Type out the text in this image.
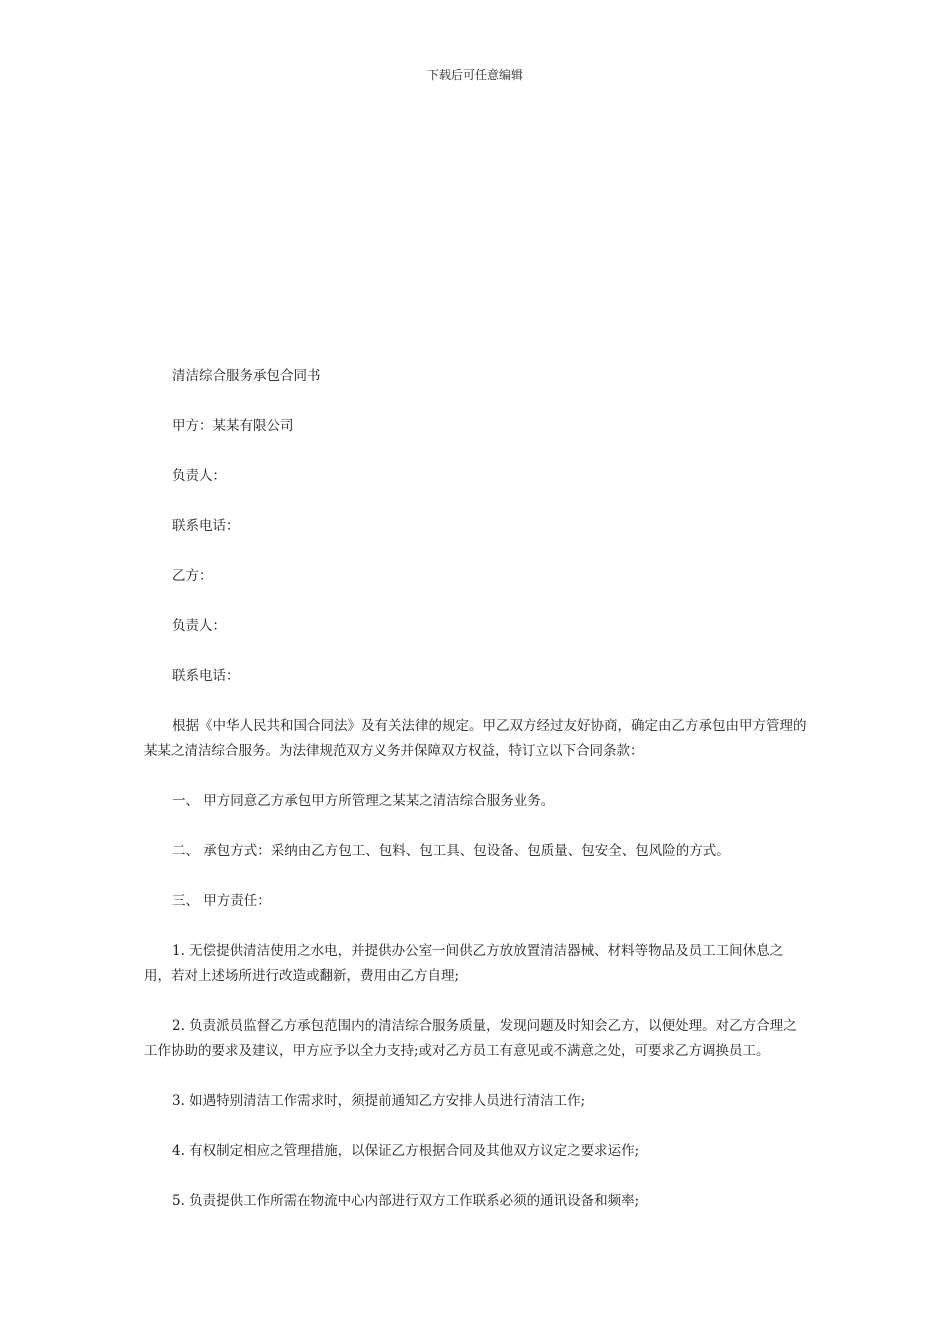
下载后可任意编辑

清洁综合服务承包合同书

甲方：某某有限公司

负责人：

联系电话：

乙方：

负责人：

联系电话：

根据《中华人民共和国合同法》及有关法律的规定。甲乙双方经过友好协商，确定由乙方承包由甲方管理的某某之清洁综合服务。为法律规范双方义务并保障双方权益，特订立以下合同条款：

一、 甲方同意乙方承包甲方所管理之某某之清洁综合服务业务。

二、 承包方式：采纳由乙方包工、包料、包工具、包设备、包质量、包安全、包风险的方式。

三、 甲方责任：

1. 无偿提供清洁使用之水电，并提供办公室一间供乙方放放置清洁器械、材料等物品及员工工间休息之用，若对上述场所进行改造或翻新，费用由乙方自理;

2. 负责派员监督乙方承包范围内的清洁综合服务质量，发现问题及时知会乙方，以便处理。对乙方合理之工作协助的要求及建议，甲方应予以全力支持;或对乙方员工有意见或不满意之处，可要求乙方调换员工。

3. 如遇特别清洁工作需求时，须提前通知乙方安排人员进行清洁工作;

4. 有权制定相应之管理措施，以保证乙方根据合同及其他双方议定之要求运作;

5. 负责提供工作所需在物流中心内部进行双方工作联系必须的通讯设备和频率;
